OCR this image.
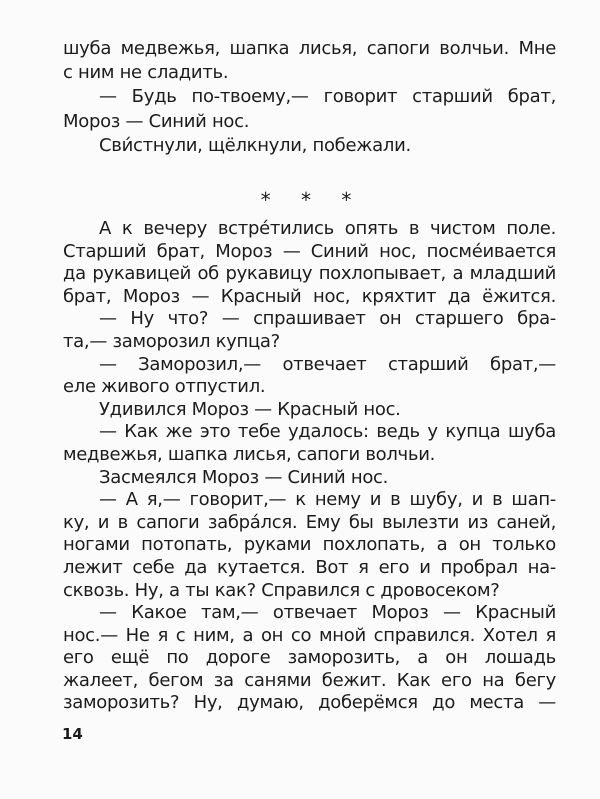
шуба медвежья, шапка лисья, сапоги волчьи. Мне
с ним не сладить.
— Будь по-твоему,— говорит старший брат,
Мороз — Синий нос.
Сви́стнули, щёлкнули, побежали.
* * *
А к вечеру встре́тились опять в чистом поле.
Старший брат, Мороз — Синий нос, посме́ивается
да рукавицей об рукавицу похлопывает, а младший
брат, Мороз — Красный нос, кряхтит да ёжится.
— Ну что? — спрашивает он старшего бра-
та,— заморозил купца?
— Заморозил,— отвечает старший брат,—
еле живого отпустил.
Удивился Мороз — Красный нос.
— Как же это тебе удалось: ведь у купца шуба
медвежья, шапка лисья, сапоги волчьи.
Засмеялся Мороз — Синий нос.
— А я,— говорит,— к нему и в шубу, и в шап-
ку, и в сапоги забра́лся. Ему бы вылезти из саней,
ногами потопать, руками похлопать, а он только
лежит себе да кутается. Вот я его и пробрал на-
сквозь. Ну, а ты как? Справился с дровосеком?
— Какое там,— отвечает Мороз — Красный
нос.— Не я с ним, а он со мной справился. Хотел я
его ещё по дороге заморозить, а он лошадь
жалеет, бегом за санями бежит. Как его на бегу
заморозить? Ну, думаю, доберёмся до места —
14
